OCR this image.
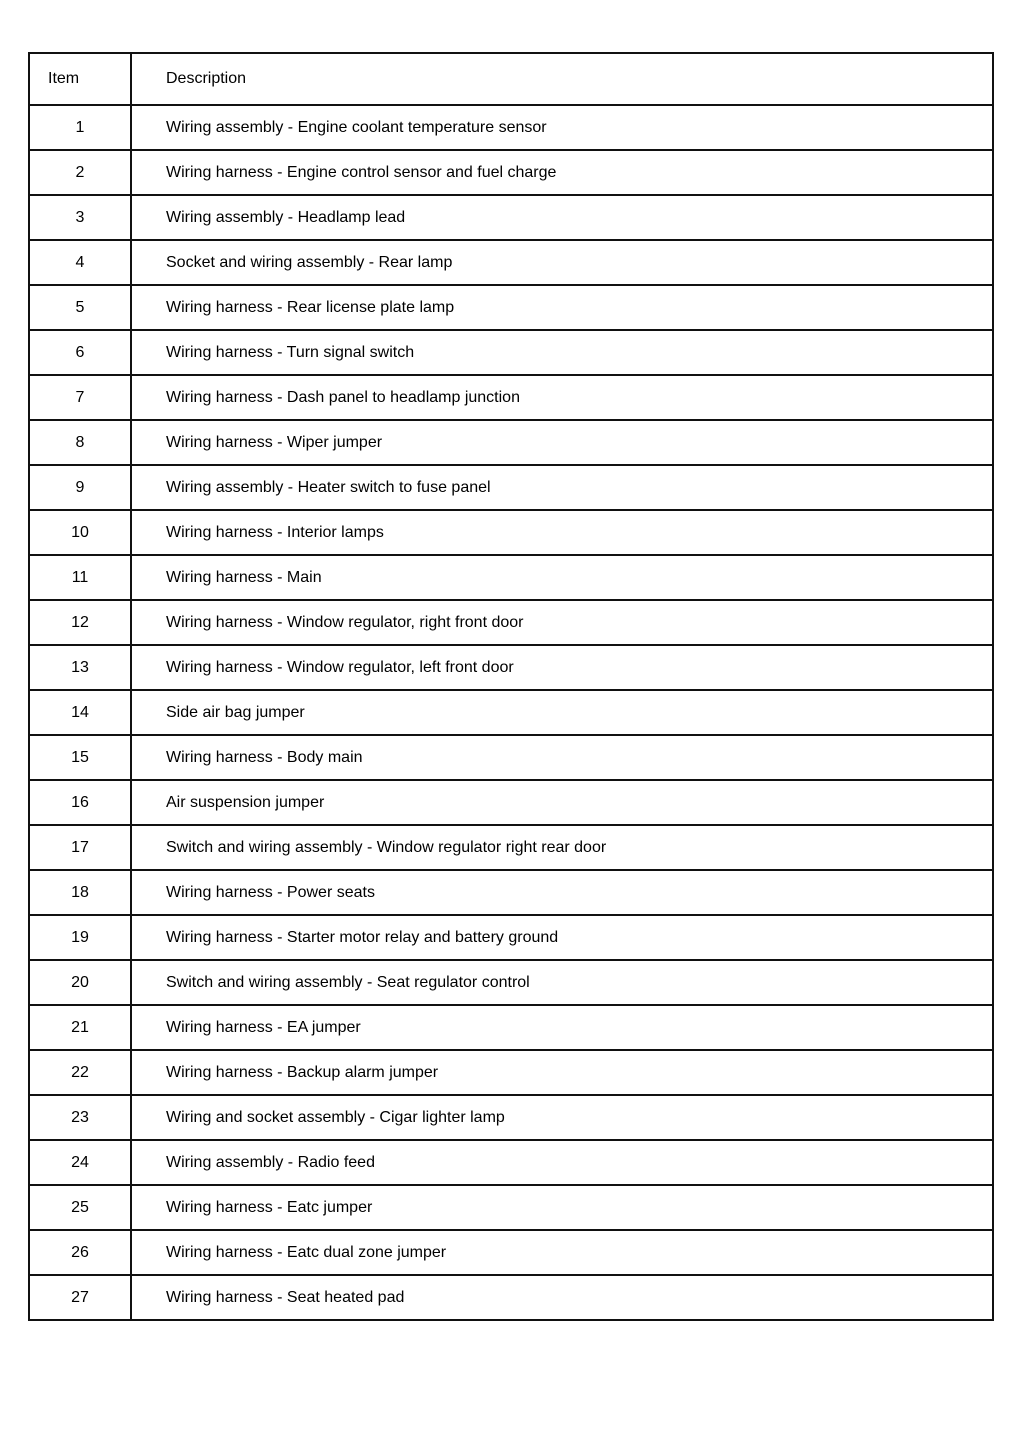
Item	Description
1	Wiring assembly - Engine coolant temperature sensor
2	Wiring harness - Engine control sensor and fuel charge
3	Wiring assembly - Headlamp lead
4	Socket and wiring assembly - Rear lamp
5	Wiring harness - Rear license plate lamp
6	Wiring harness - Turn signal switch
7	Wiring harness - Dash panel to headlamp junction
8	Wiring harness - Wiper jumper
9	Wiring assembly - Heater switch to fuse panel
10	Wiring harness - Interior lamps
11	Wiring harness - Main
12	Wiring harness - Window regulator, right front door
13	Wiring harness - Window regulator, left front door
14	Side air bag jumper
15	Wiring harness - Body main
16	Air suspension jumper
17	Switch and wiring assembly - Window regulator right rear door
18	Wiring harness - Power seats
19	Wiring harness - Starter motor relay and battery ground
20	Switch and wiring assembly - Seat regulator control
21	Wiring harness - EA jumper
22	Wiring harness - Backup alarm jumper
23	Wiring and socket assembly - Cigar lighter lamp
24	Wiring assembly - Radio feed
25	Wiring harness - Eatc jumper
26	Wiring harness - Eatc dual zone jumper
27	Wiring harness - Seat heated pad
